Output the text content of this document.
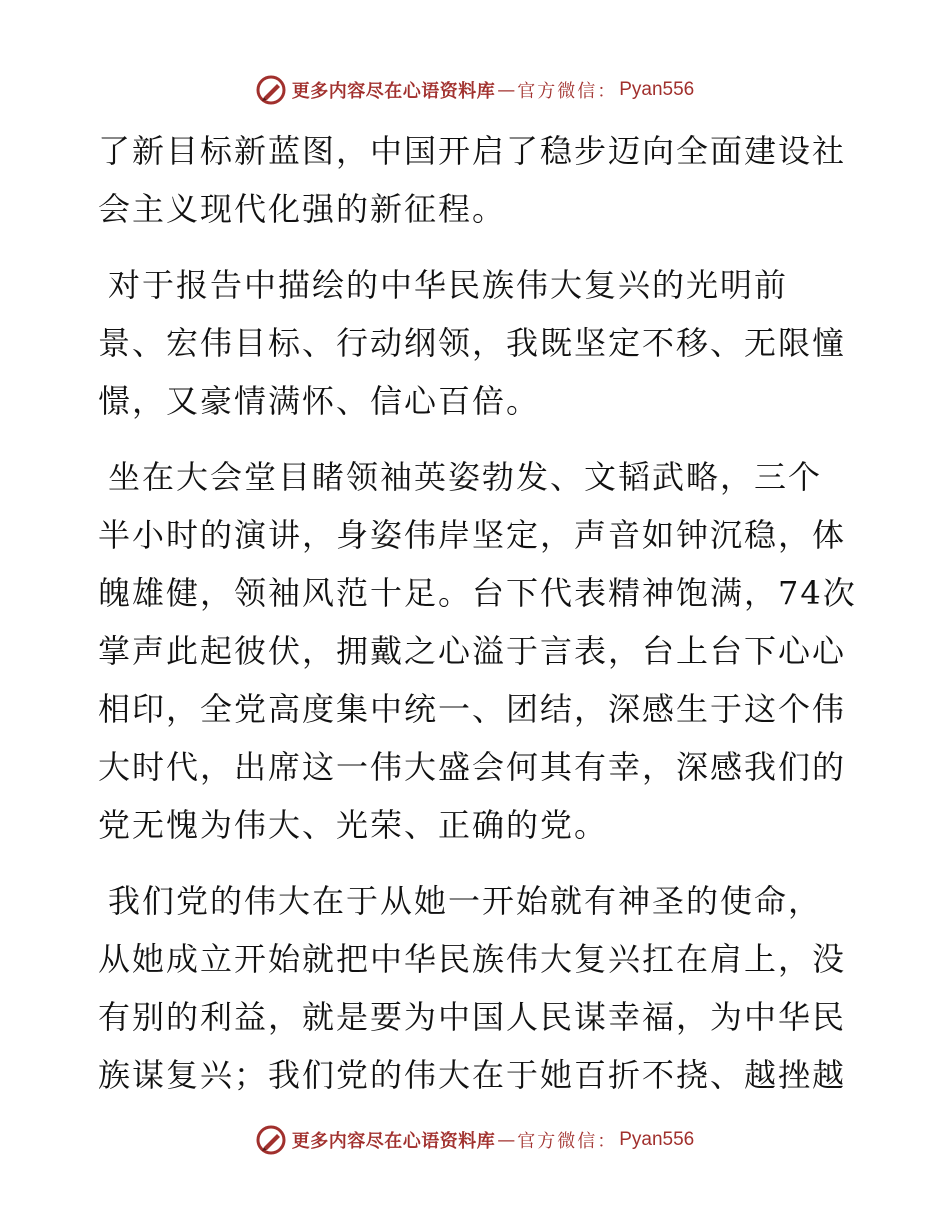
更多内容尽在心语资料库 — 官方微信： Pyan556

了新目标新蓝图，中国开启了稳步迈向全面建设社
会主义现代化强的新征程。

对于报告中描绘的中华民族伟大复兴的光明前
景、宏伟目标、行动纲领，我既坚定不移、无限憧
憬，又豪情满怀、信心百倍。

坐在大会堂目睹领袖英姿勃发、文韬武略，三个
半小时的演讲，身姿伟岸坚定，声音如钟沉稳，体
魄雄健，领袖风范十足。台下代表精神饱满，74次
掌声此起彼伏，拥戴之心溢于言表，台上台下心心
相印，全党高度集中统一、团结，深感生于这个伟
大时代，出席这一伟大盛会何其有幸，深感我们的
党无愧为伟大、光荣、正确的党。

我们党的伟大在于从她一开始就有神圣的使命，
从她成立开始就把中华民族伟大复兴扛在肩上，没
有别的利益，就是要为中国人民谋幸福，为中华民
族谋复兴；我们党的伟大在于她百折不挠、越挫越

更多内容尽在心语资料库 — 官方微信： Pyan556
